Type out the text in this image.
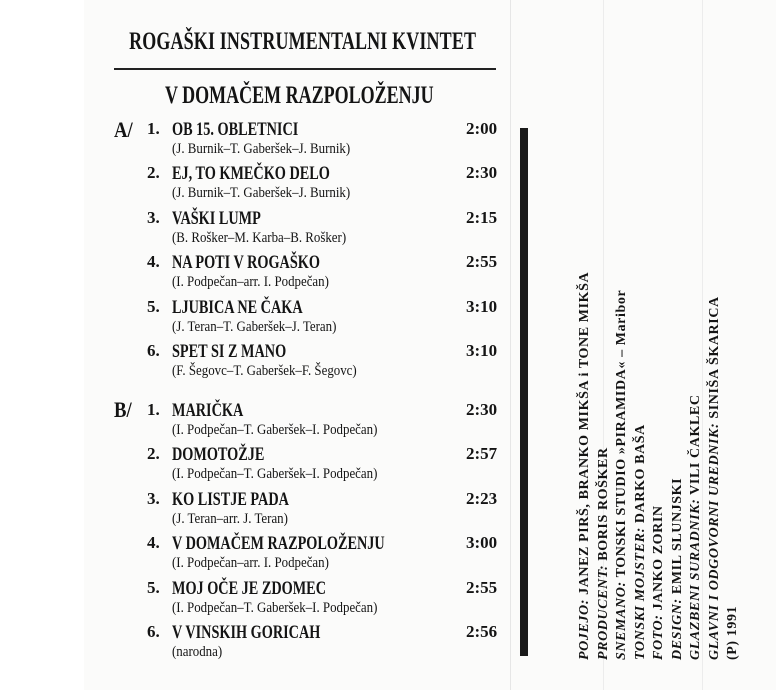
ROGAŠKI INSTRUMENTALNI KVINTET
V DOMAČEM RAZPOLOŽENJU
A/ 1. OB 15. OBLETNICI	2:00
(J. Burnik–T. Gaberšek–J. Burnik)
2. EJ, TO KMEČKO DELO	2:30
(J. Burnik–T. Gaberšek–J. Burnik)
3. VAŠKI LUMP	2:15
(B. Rošker–M. Karba–B. Rošker)
4. NA POTI V ROGAŠKO	2:55
(I. Podpečan–arr. I. Podpečan)
5. LJUBICA NE ČAKA	3:10
(J. Teran–T. Gaberšek–J. Teran)
6. SPET SI Z MANO	3:10
(F. Šegovc–T. Gaberšek–F. Šegovc)
B/ 1. MARIČKA	2:30
(I. Podpečan–T. Gaberšek–I. Podpečan)
2. DOMOTOŽJE	2:57
(I. Podpečan–T. Gaberšek–I. Podpečan)
3. KO LISTJE PADA	2:23
(J. Teran–arr. J. Teran)
4. V DOMAČEM RAZPOLOŽENJU	3:00
(I. Podpečan–arr. I. Podpečan)
5. MOJ OČE JE ZDOMEC	2:55
(I. Podpečan–T. Gaberšek–I. Podpečan)
6. V VINSKIH GORICAH	2:56
(narodna)	POJEJO: JANEZ PIRŠ, BRANKO MIKŠA i TONE MIKŠA
PRODUCENT: BORIS ROŠKER
SNEMANO: TONSKI STUDIO »PIRAMIDA« – Maribor
TONSKI MOJSTER: DARKO BAŠA
FOTO: JANKO ZORIN
DESIGN: EMIL SLUNJSKI GLAZBENI SURADNIK: VILI ČAKLEC GLAVNI I ODGOVORNI UREDNIK: SINIŠA ŠKARICA
(P) 1991
